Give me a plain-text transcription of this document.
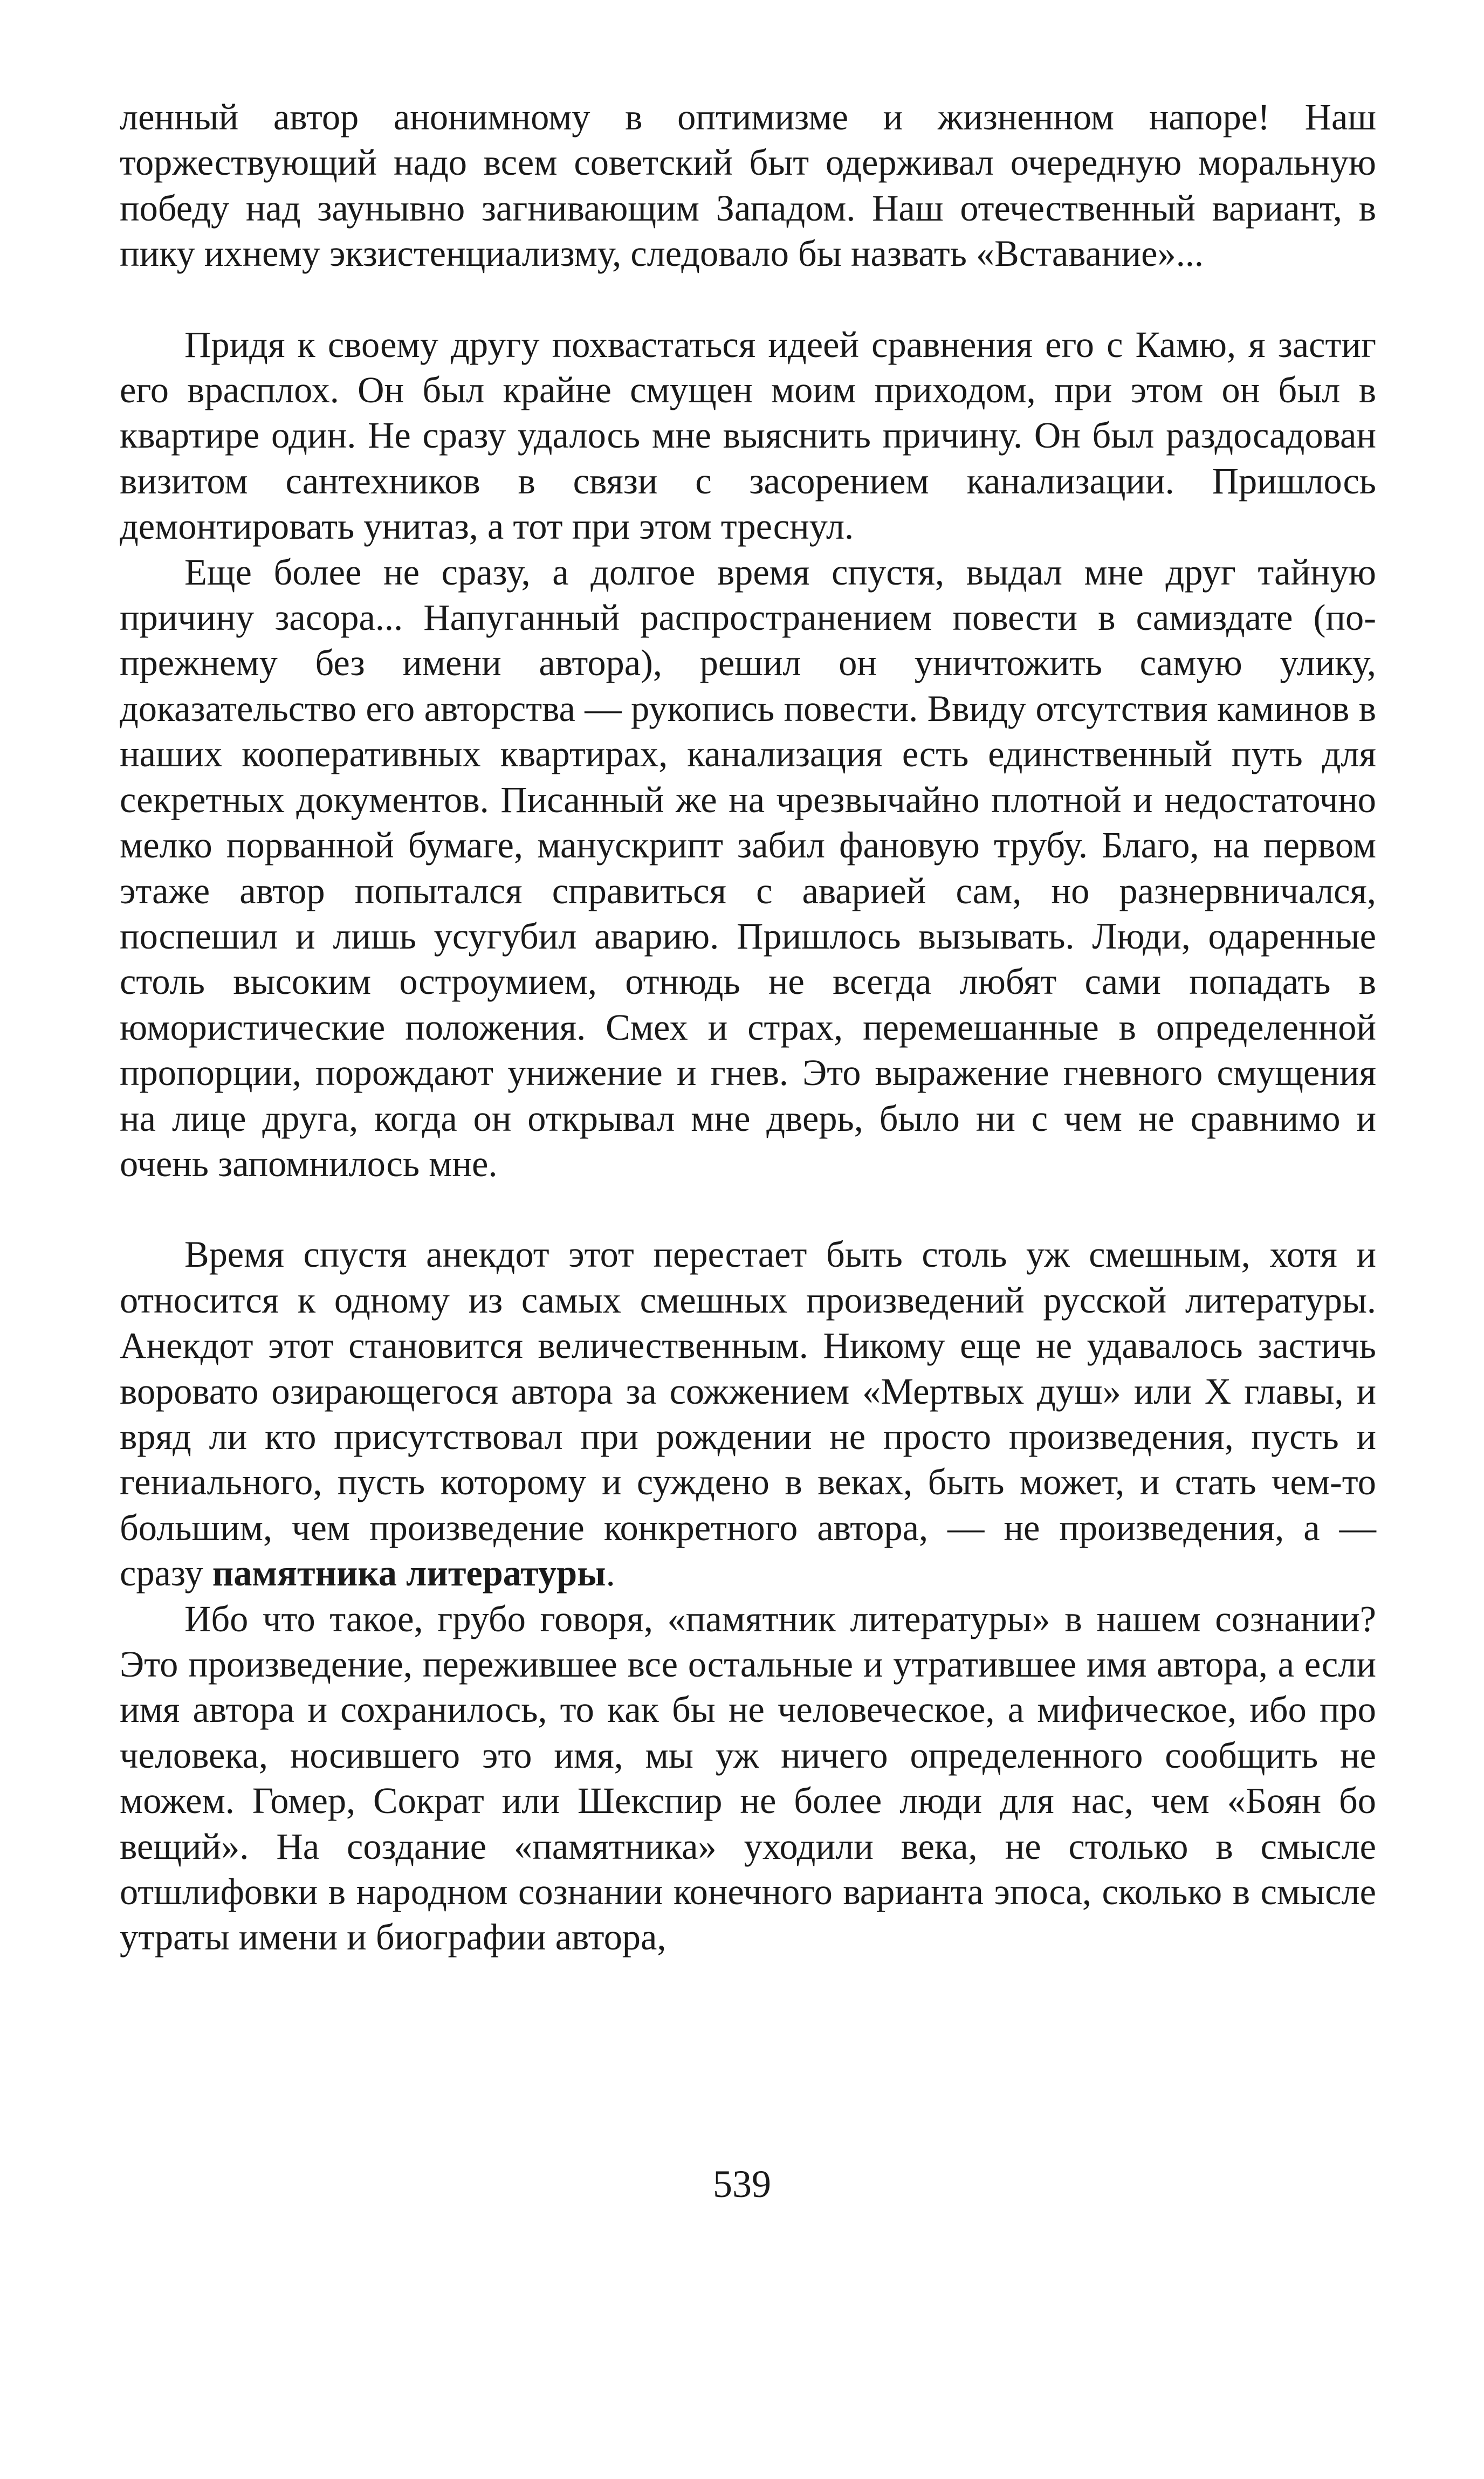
ленный автор анонимному в оптимизме и жизненном напоре! Наш торжествующий надо всем советский быт одерживал очередную моральную победу над заунывно загнивающим Западом. Наш отечественный вариант, в пику ихнему экзистенциализму, следовало бы назвать «Вставание»...

Придя к своему другу похвастаться идеей сравнения его с Камю, я застиг его врасплох. Он был крайне смущен моим приходом, при этом он был в квартире один. Не сразу удалось мне выяснить причину. Он был раздосадован визитом сантехников в связи с засорением канализации. Пришлось демонтировать унитаз, а тот при этом треснул.

Еще более не сразу, а долгое время спустя, выдал мне друг тайную причину засора... Напуганный распространением повести в самиздате (по-прежнему без имени автора), решил он уничтожить самую улику, доказательство его авторства — рукопись повести. Ввиду отсутствия каминов в наших кооперативных квартирах, канализация есть единственный путь для секретных документов. Писанный же на чрезвычайно плотной и недостаточно мелко порванной бумаге, манускрипт забил фановую трубу. Благо, на первом этаже автор попытался справиться с аварией сам, но разнервничался, поспешил и лишь усугубил аварию. Пришлось вызывать. Люди, одаренные столь высоким остроумием, отнюдь не всегда любят сами попадать в юмористические положения. Смех и страх, перемешанные в определенной пропорции, порождают унижение и гнев. Это выражение гневного смущения на лице друга, когда он открывал мне дверь, было ни с чем не сравнимо и очень запомнилось мне.

Время спустя анекдот этот перестает быть столь уж смешным, хотя и относится к одному из самых смешных произведений русской литературы. Анекдот этот становится величественным. Никому еще не удавалось застичь воровато озирающегося автора за сожжением «Мертвых душ» или X главы, и вряд ли кто присутствовал при рождении не просто произведения, пусть и гениального, пусть которому и суждено в веках, быть может, и стать чем-то большим, чем произведение конкретного автора, — не произведения, а — сразу памятника литературы.

Ибо что такое, грубо говоря, «памятник литературы» в нашем сознании? Это произведение, пережившее все остальные и утратившее имя автора, а если имя автора и сохранилось, то как бы не человеческое, а мифическое, ибо про человека, носившего это имя, мы уж ничего определенного сообщить не можем. Гомер, Сократ или Шекспир не более люди для нас, чем «Боян бо вещий». На создание «памятника» уходили века, не столько в смысле отшлифовки в народном сознании конечного варианта эпоса, сколько в смысле утраты имени и биографии автора,

539
